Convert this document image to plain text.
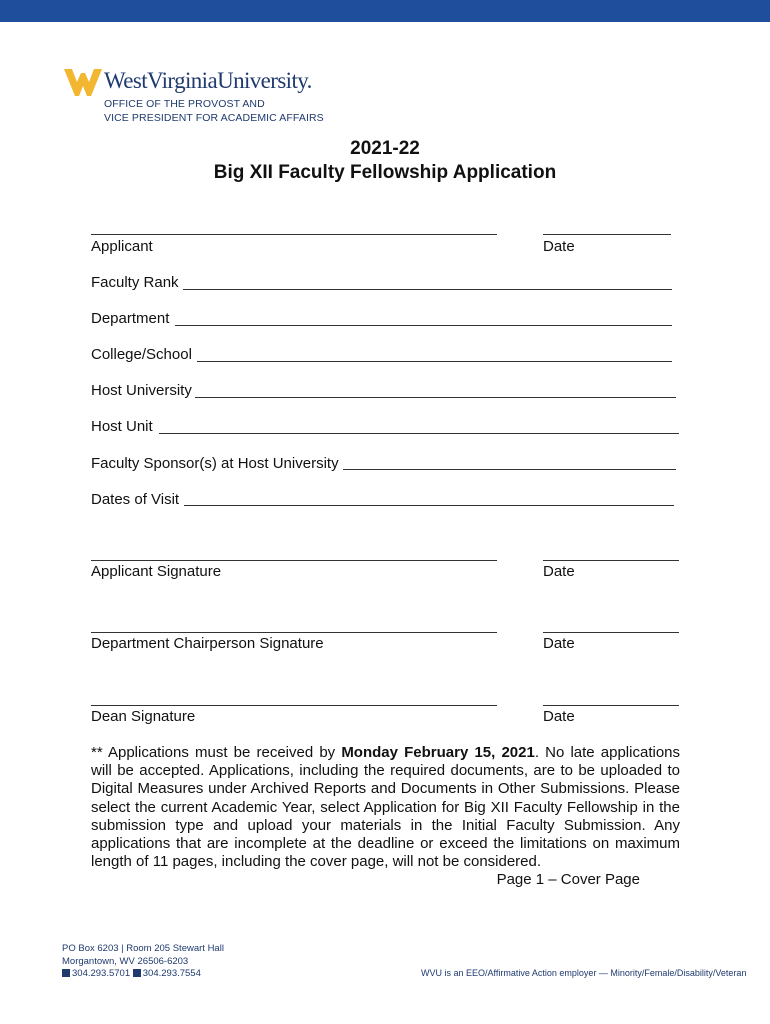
WestVirginiaUniversity.
OFFICE OF THE PROVOST AND
VICE PRESIDENT FOR ACADEMIC AFFAIRS
2021-22
Big XII Faculty Fellowship Application
Applicant	Date
Faculty Rank
Department
College/School
Host University
Host Unit
Faculty Sponsor(s) at Host University
Dates of Visit
Applicant Signature	Date
Department Chairperson Signature	Date
Dean Signature	Date
** Applications must be received by Monday February 15, 2021. No late applications will be accepted. Applications, including the required documents, are to be uploaded to Digital Measures under Archived Reports and Documents in Other Submissions. Please select the current Academic Year, select Application for Big XII Faculty Fellowship in the submission type and upload your materials in the Initial Faculty Submission. Any applications that are incomplete at the deadline or exceed the limitations on maximum length of 11 pages, including the cover page, will not be considered.
Page 1 – Cover Page
PO Box 6203 | Room 205 Stewart Hall
Morgantown, WV 26506-6203
304.293.5701 304.293.7554	WVU is an EEO/Affirmative Action employer — Minority/Female/Disability/Veteran
